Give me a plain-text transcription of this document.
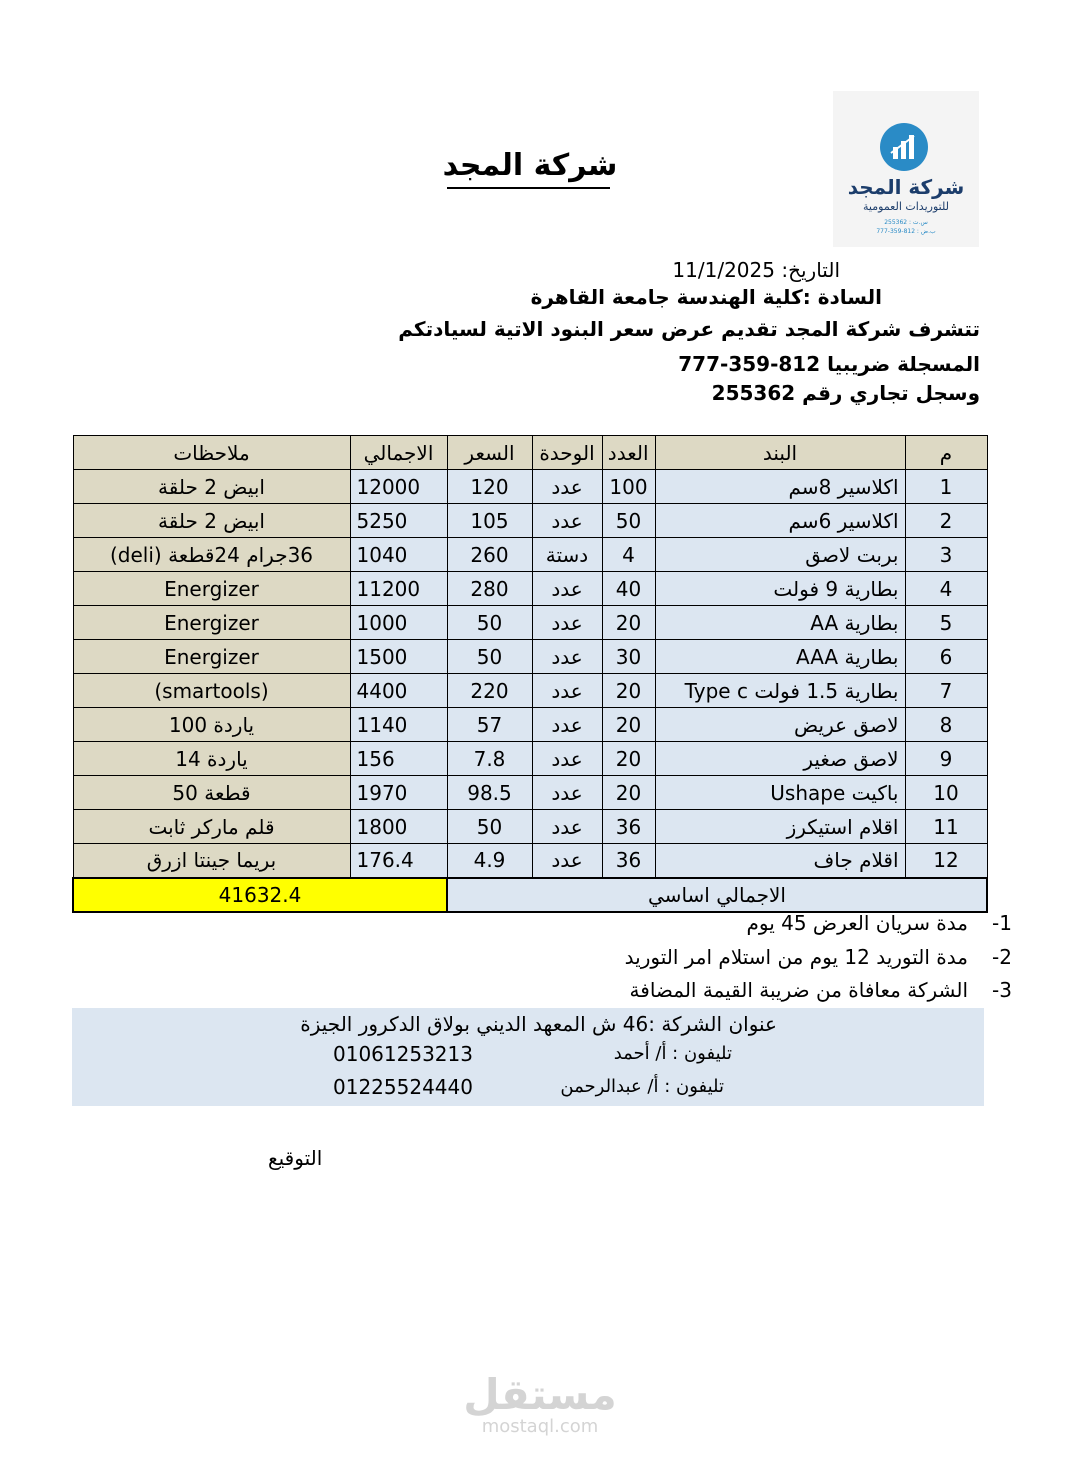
شركة المجد
للتوريدات العمومية
س.ت : 255362
ب.ض : 812-359-777
شركة المجد
التاريخ: 11/1/2025
السادة :كلية الهندسة جامعة القاهرة
تتشرف شركة المجد تقديم عرض سعر البنود الاتية لسيادتكم
المسجلة ضريبيا 812-359-777
وسجل تجاري رقم 255362
م	البند	العدد	الوحدة	السعر	الاجمالي	ملاحظات
1	اكلاسير 8سم	100	عدد	120	12000	ابيض 2 حلقة
2	اكلاسير 6سم	50	عدد	105	5250	ابيض 2 حلقة
3	بربت لاصق	4	دستة	260	1040	36جرام 24قطعة (deli)
4	بطارية 9 فولت	40	عدد	280	11200	Energizer
5	بطارية AA	20	عدد	50	1000	Energizer
6	بطارية AAA	30	عدد	50	1500	Energizer
7	بطارية 1.5 فولت Type c	20	عدد	220	4400	(smartools)
8	لاصق عريض	20	عدد	57	1140	ياردة 100
9	لاصق صغير	20	عدد	7.8	156	ياردة 14
10	باكيت Ushape	20	عدد	98.5	1970	قطعة 50
11	اقلام استيكرز	36	عدد	50	1800	قلم ماركر ثابت
12	اقلام جاف	36	عدد	4.9	176.4	بريما جينتا ازرق
الاجمالي اساسي					41632.4	
-1
مدة سريان العرض 45 يوم
-2
مدة التوريد 12 يوم من استلام امر التوريد
-3
الشركة معافاة من ضريبة القيمة المضافة
عنوان الشركة :46 ش المعهد الديني بولاق الدكرور الجيزة
تليفون : أ/ أحمد
01061253213
تليفون : أ/ عبدالرحمن
01225524440
التوقيع
مستقل
mostaql.com
